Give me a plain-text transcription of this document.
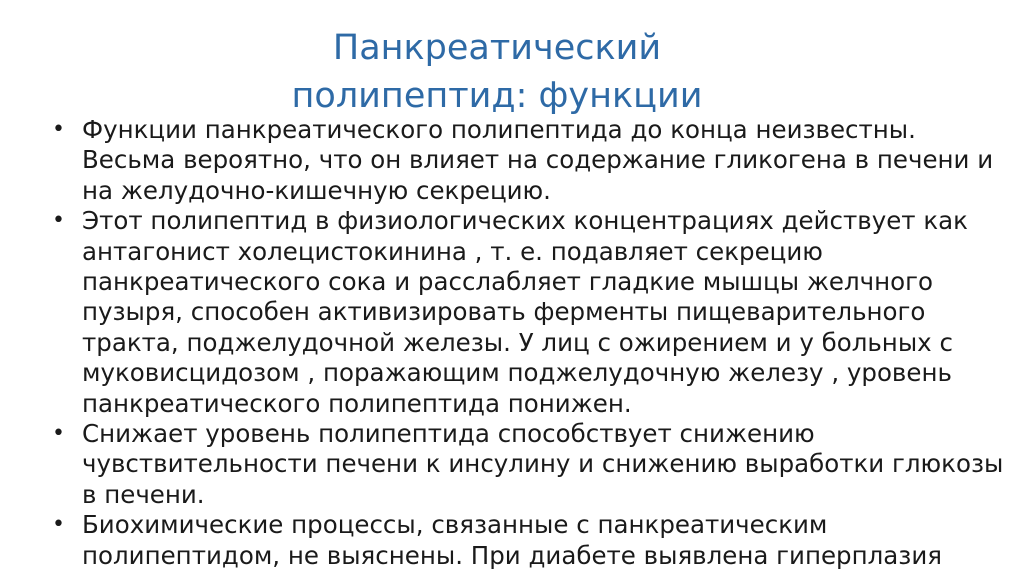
Панкреатический
полипептид: функции
• Функции панкреатического полипептида до конца неизвестны. Весьма вероятно, что он влияет на содержание гликогена в печени и на желудочно-кишечную секрецию.
• Этот полипептид в физиологических концентрациях действует как антагонист холецистокинина , т. е. подавляет секрецию панкреатического сока и расслабляет гладкие мышцы желчного пузыря, способен активизировать ферменты пищеварительного тракта, поджелудочной железы. У лиц с ожирением и у больных с муковисцидозом , поражающим поджелудочную железу , уровень панкреатического полипептида понижен.
• Снижает уровень полипептида способствует снижению чувствительности печени к инсулину и снижению выработки глюкозы в печени.
• Биохимические процессы, связанные с панкреатическим полипептидом, не выяснены. При диабете выявлена гиперплазия
